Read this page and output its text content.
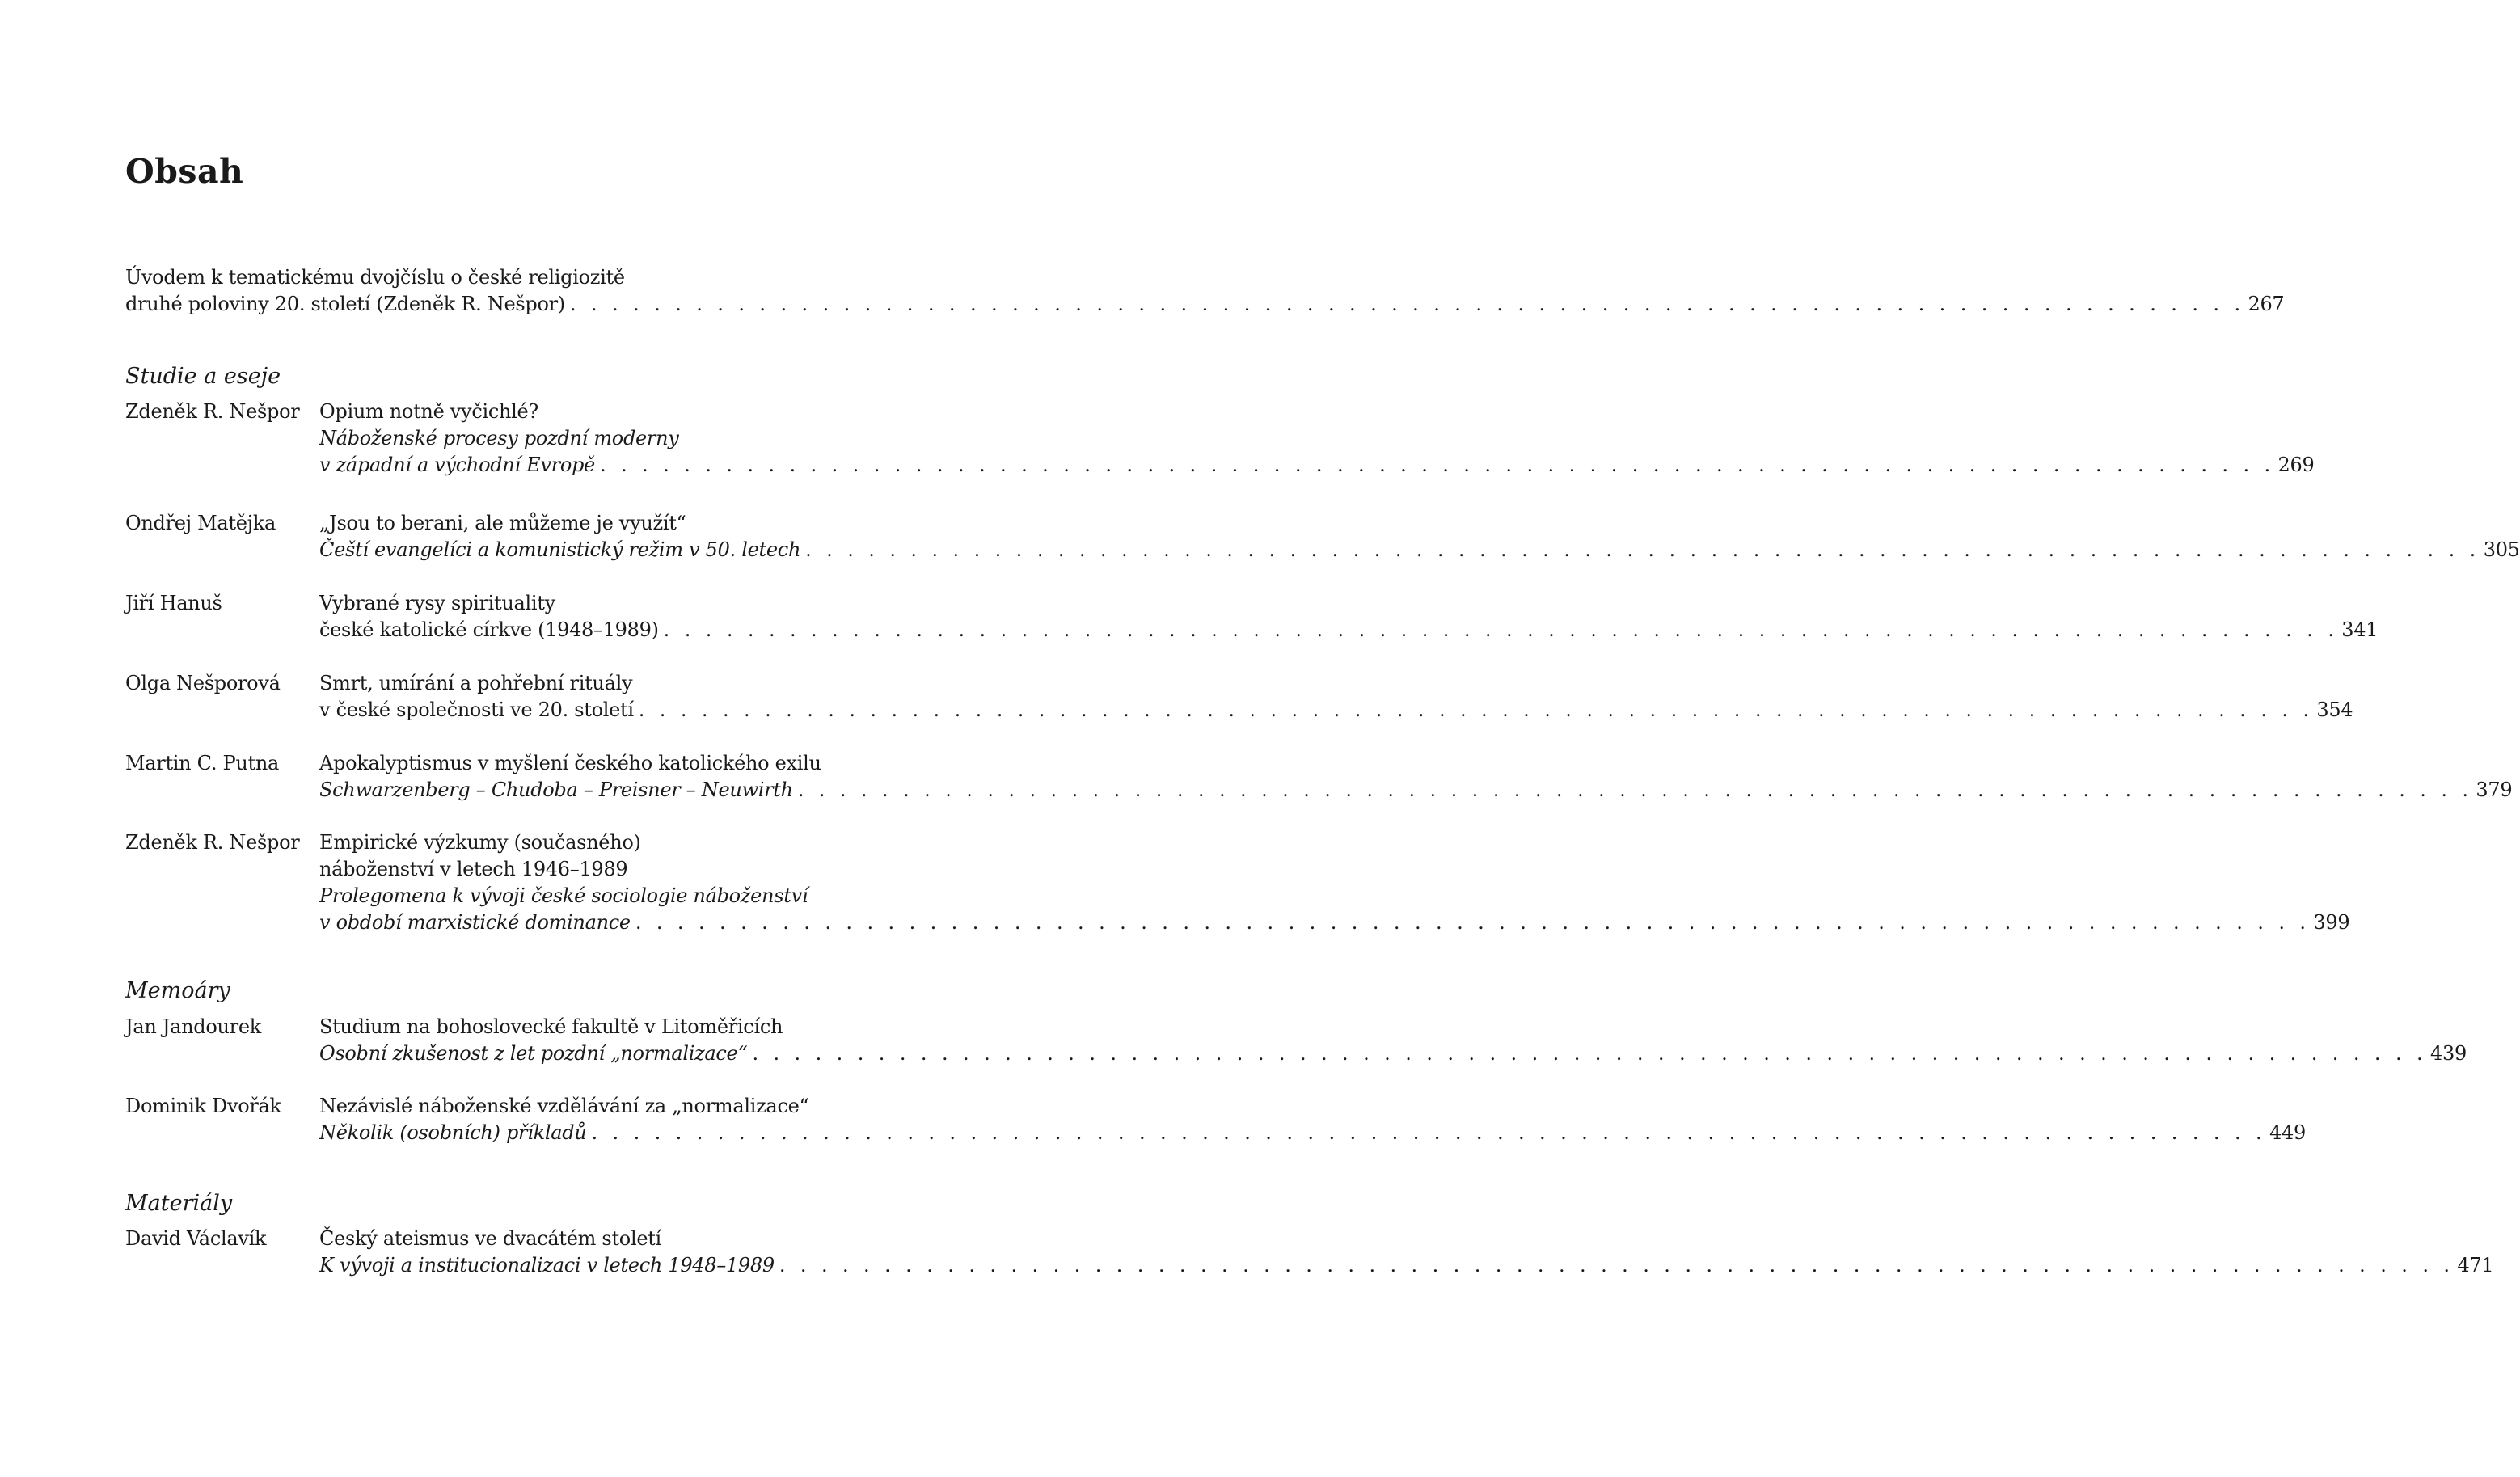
Obsah
Úvodem k tematickému dvojčíslu o české religiozitě
druhé poloviny 20. století (Zdeněk R. Nešpor) . . . . . . . . . . . . . . . . . . . . . . . . . . . . . . . . . . . . . . . . . . . . . . . . . . . . . . . . . . . . . . . . . . . . . . . . . . . . . . . . 267
Studie a eseje
Zdeněk R. Nešpor Opium notně vyčichlé?
Náboženské procesy pozdní moderny
v západní a východní Evropě . . . . . . . . . . . . . . . . . . . . . . . . . . . . . . . . . . . . . . . . . . . . . . . . . . . . . . . . . . . . . . . . . . . . . . . . . . . . . . . . 269
Ondřej Matějka „Jsou to berani, ale můžeme je využít“
Čeští evangelíci a komunistický režim v 50. letech . . . . . . . . . . . . . . . . . . . . . . . . . . . . . . . . . . . . . . . . . . . . . . . . . . . . . . . . . . . . . . . . . . . . . . . . . . . . . . . . 305
Jiří Hanuš	Vybrané rysy spirituality
české katolické církve (1948–1989) . . . . . . . . . . . . . . . . . . . . . . . . . . . . . . . . . . . . . . . . . . . . . . . . . . . . . . . . . . . . . . . . . . . . . . . . . . . . . . . . 341
Olga Nešporová Smrt, umírání a pohřební rituály
v české společnosti ve 20. století . . . . . . . . . . . . . . . . . . . . . . . . . . . . . . . . . . . . . . . . . . . . . . . . . . . . . . . . . . . . . . . . . . . . . . . . . . . . . . . . 354
Martin C. Putna Apokalyptismus v myšlení českého katolického exilu
Schwarzenberg – Chudoba – Preisner – Neuwirth . . . . . . . . . . . . . . . . . . . . . . . . . . . . . . . . . . . . . . . . . . . . . . . . . . . . . . . . . . . . . . . . . . . . . . . . . . . . . . . . 379
Zdeněk R. Nešpor Empirické výzkumy (současného)
náboženství v letech 1946–1989
Prolegomena k vývoji české sociologie náboženství
v období marxistické dominance . . . . . . . . . . . . . . . . . . . . . . . . . . . . . . . . . . . . . . . . . . . . . . . . . . . . . . . . . . . . . . . . . . . . . . . . . . . . . . . . 399
Memoáry
Jan Jandourek	Studium na bohoslovecké fakultě v Litoměřicích
Osobní zkušenost z let pozdní „normalizace“ . . . . . . . . . . . . . . . . . . . . . . . . . . . . . . . . . . . . . . . . . . . . . . . . . . . . . . . . . . . . . . . . . . . . . . . . . . . . . . . . 439
Dominik Dvořák Nezávislé náboženské vzdělávání za „normalizace“
Několik (osobních) příkladů . . . . . . . . . . . . . . . . . . . . . . . . . . . . . . . . . . . . . . . . . . . . . . . . . . . . . . . . . . . . . . . . . . . . . . . . . . . . . . . . 449
Materiály
David Václavík	Český ateismus ve dvacátém století
K vývoji a institucionalizaci v letech 1948–1989 . . . . . . . . . . . . . . . . . . . . . . . . . . . . . . . . . . . . . . . . . . . . . . . . . . . . . . . . . . . . . . . . . . . . . . . . . . . . . . . . 471
